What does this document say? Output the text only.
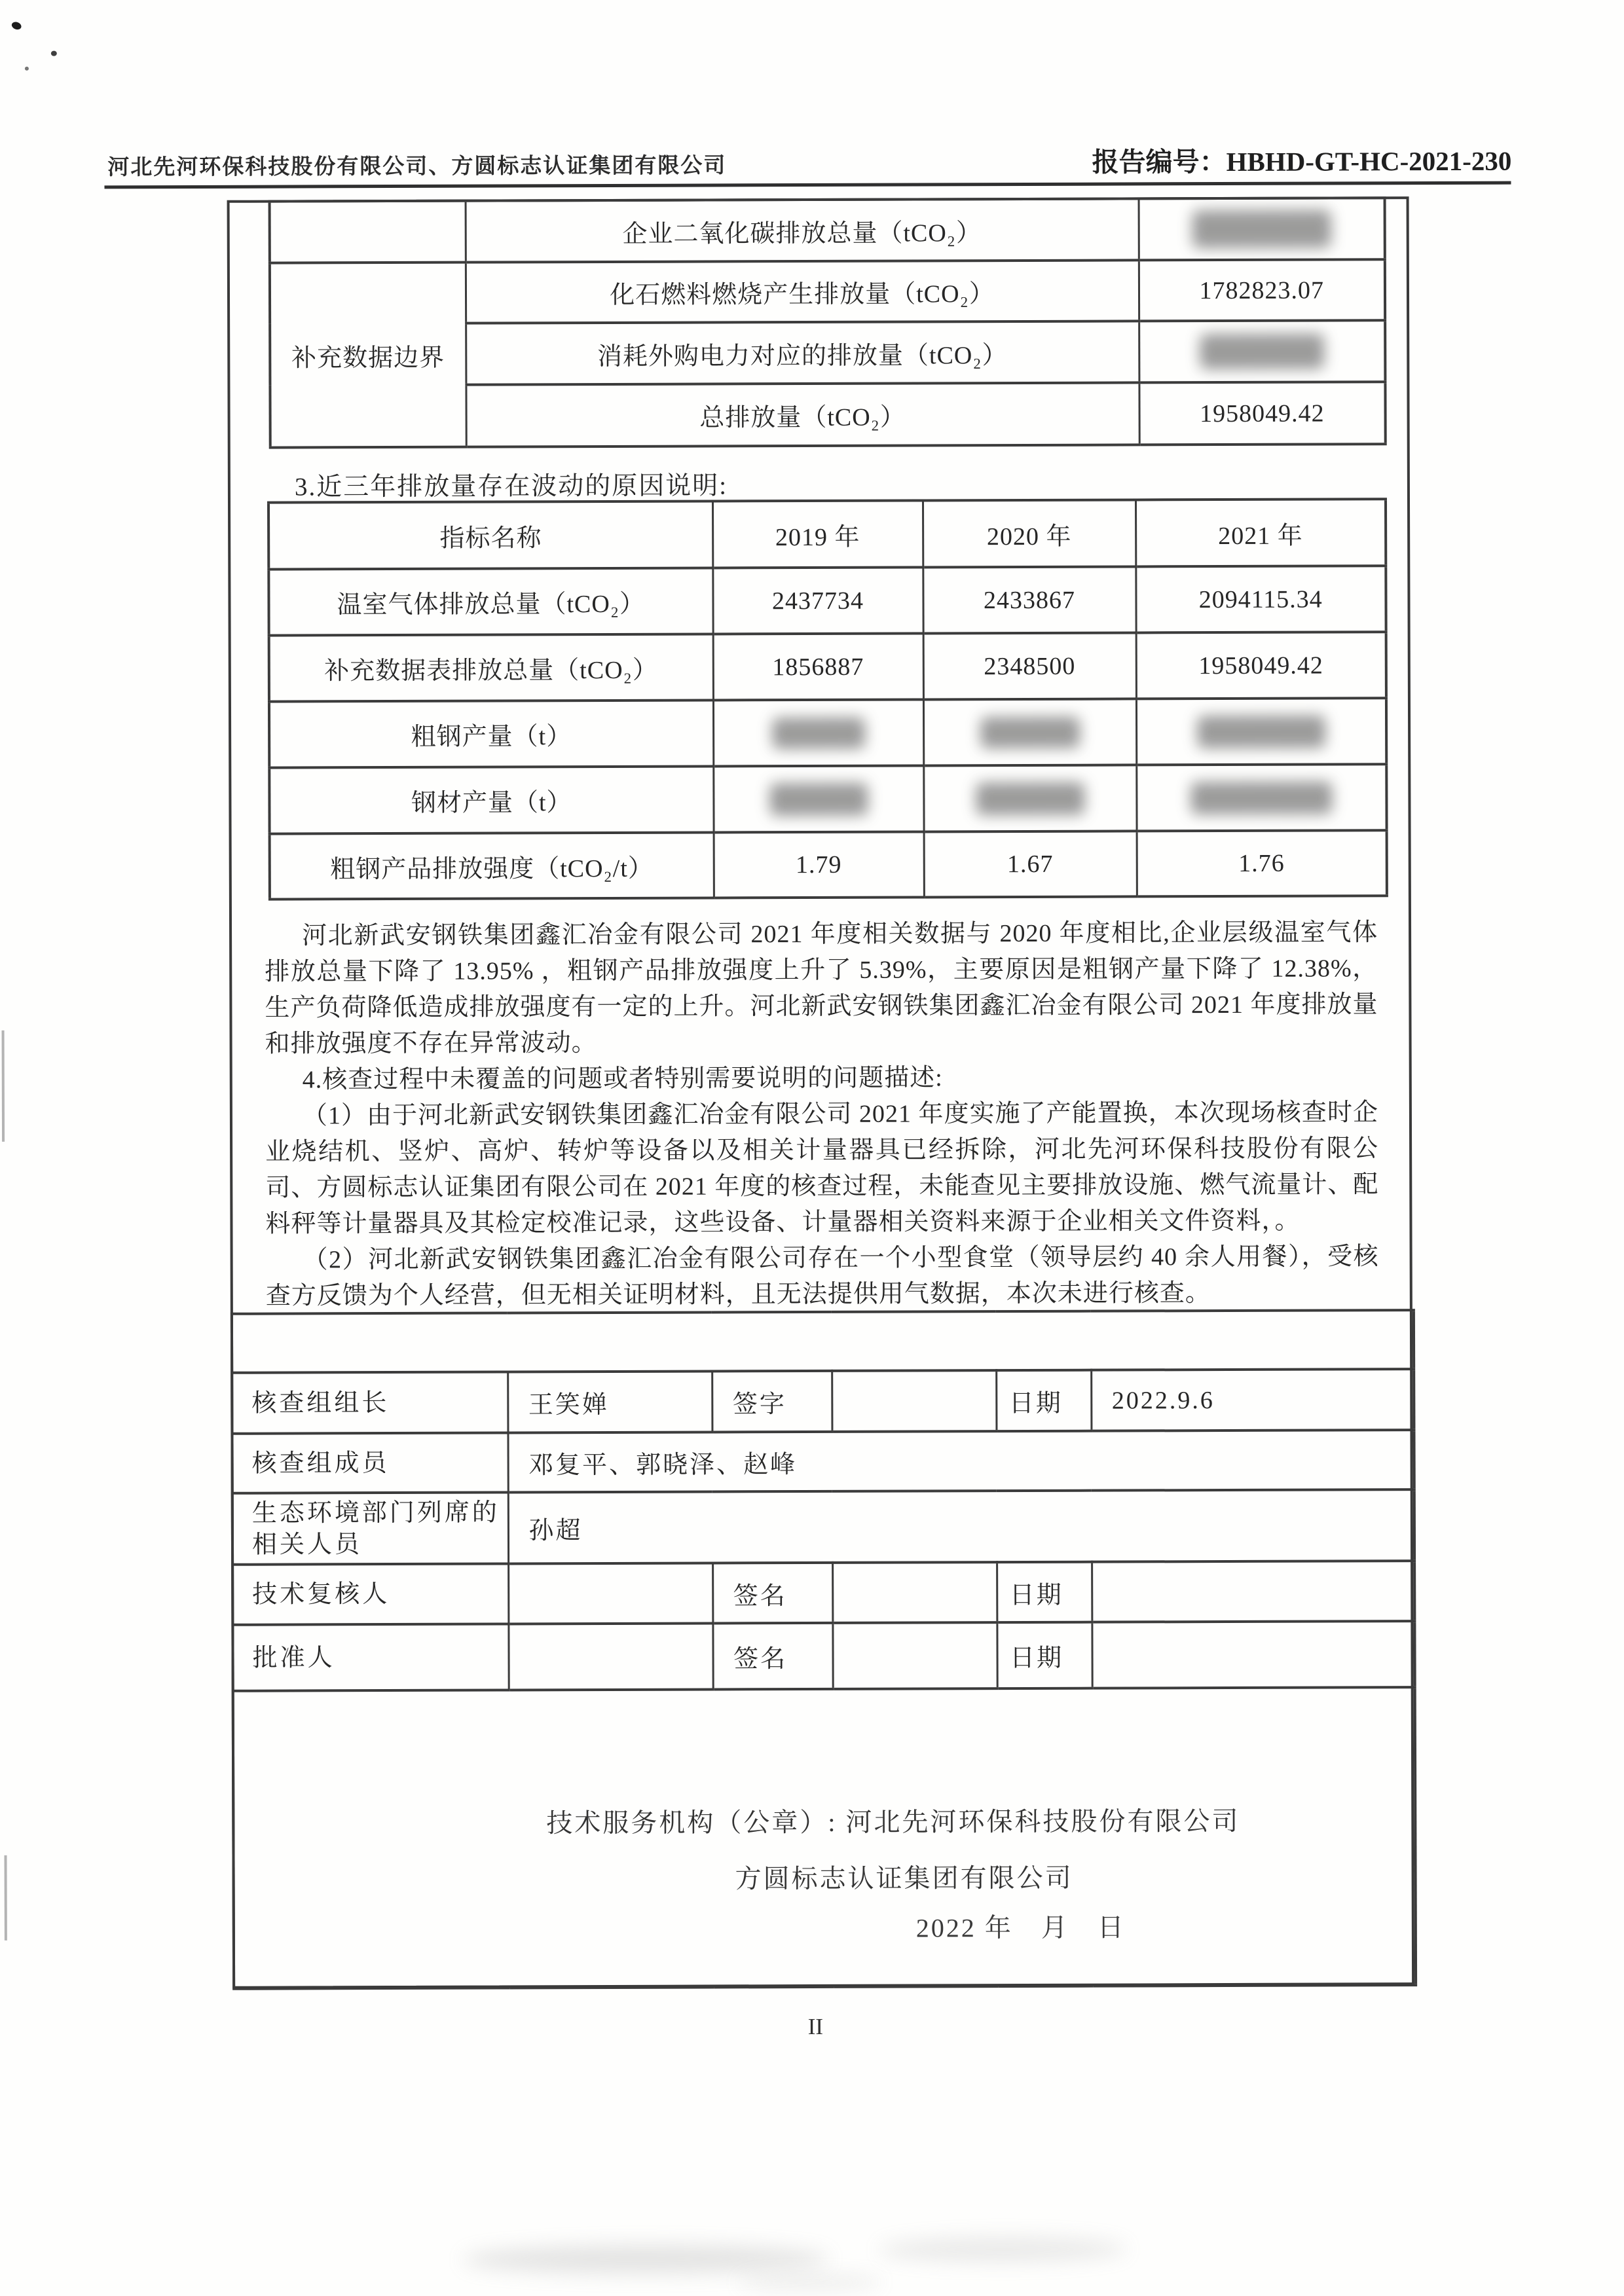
河北先河环保科技股份有限公司、方圆标志认证集团有限公司	报告编号：HBHD-GT-HC-2021-230
	企业二氧化碳排放总量（tCO₂）	
补充数据边界	化石燃料燃烧产生排放量（tCO₂）	1782823.07
	消耗外购电力对应的排放量（tCO₂）	
	总排放量（tCO₂）	1958049.42
3.近三年排放量存在波动的原因说明:
指标名称	2019 年	2020 年	2021 年
温室气体排放总量（tCO₂）	2437734	2433867	2094115.34
补充数据表排放总量（tCO₂）	1856887	2348500	1958049.42
粗钢产量（t）			
钢材产量（t）			
粗钢产品排放强度（tCO₂/t）	1.79	1.67	1.76

河北新武安钢铁集团鑫汇冶金有限公司 2021 年度相关数据与 2020 年度相比,企业层级温室气体排放总量下降了 13.95% ，粗钢产品排放强度上升了 5.39%，主要原因是粗钢产量下降了 12.38%，生产负荷降低造成排放强度有一定的上升。河北新武安钢铁集团鑫汇冶金有限公司 2021 年度排放量和排放强度不存在异常波动。

4.核查过程中未覆盖的问题或者特别需要说明的问题描述:

（1）由于河北新武安钢铁集团鑫汇冶金有限公司 2021 年度实施了产能置换，本次现场核查时企业烧结机、竖炉、高炉、转炉等设备以及相关计量器具已经拆除，河北先河环保科技股份有限公司、方圆标志认证集团有限公司在 2021 年度的核查过程，未能查见主要排放设施、燃气流量计、配料秤等计量器具及其检定校准记录，这些设备、计量器相关资料来源于企业相关文件资料，。

（2）河北新武安钢铁集团鑫汇冶金有限公司存在一个小型食堂（领导层约 40 余人用餐），受核查方反馈为个人经营，但无相关证明材料，且无法提供用气数据，本次未进行核查。

核查组组长	王笑婵	签字		日期	2022.9.6
核查组成员	邓复平、郭晓泽、赵峰				
生态环境部门列席的相关人员	孙超				
技术复核人		签名		日期	
批准人		签名		日期	

技术服务机构（公章）: 河北先河环保科技股份有限公司
方圆标志认证集团有限公司
2022 年　月　日					
II
